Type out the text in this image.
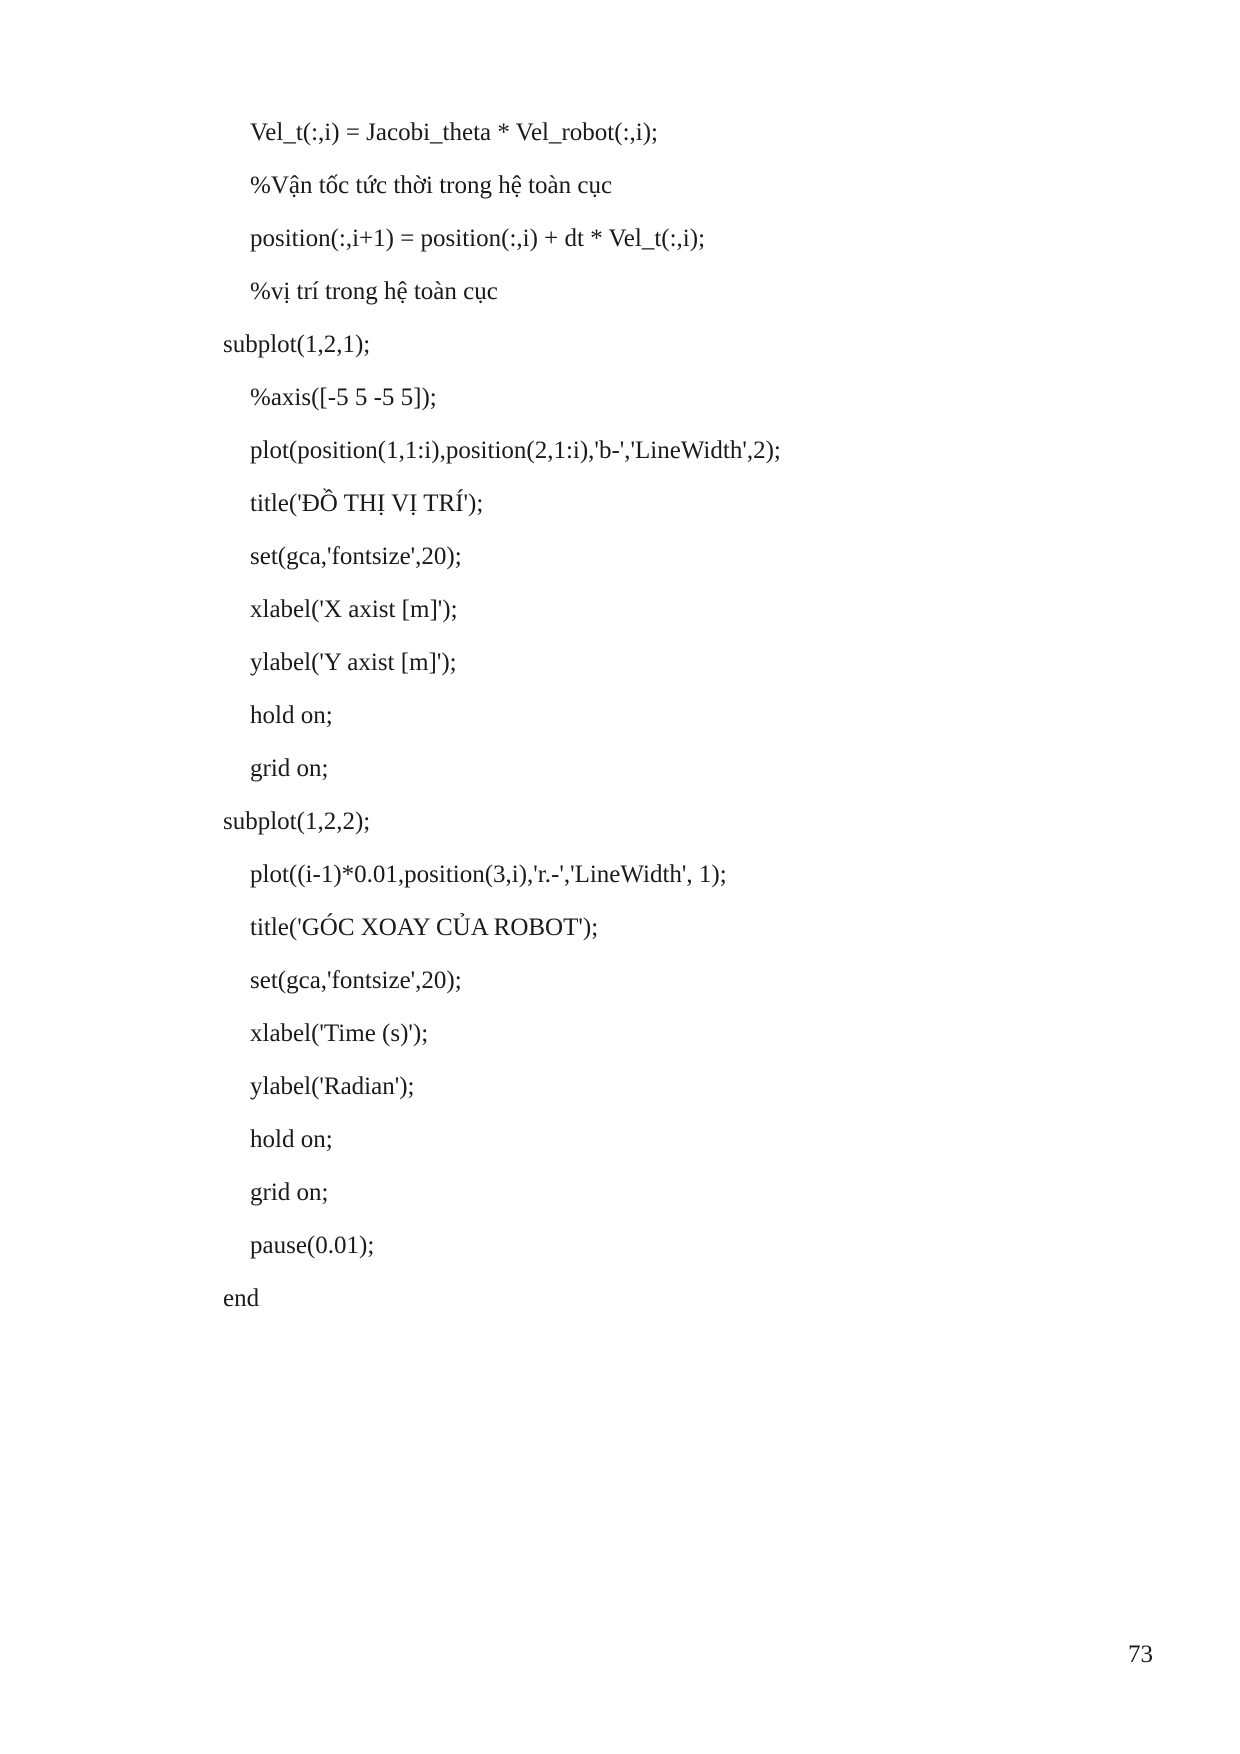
Vel_t(:,i) = Jacobi_theta * Vel_robot(:,i);
%Vận tốc tức thời trong hệ toàn cục
position(:,i+1) = position(:,i) + dt * Vel_t(:,i);
%vị trí trong hệ toàn cục
subplot(1,2,1);
%axis([-5 5 -5 5]);
plot(position(1,1:i),position(2,1:i),'b-','LineWidth',2);
title('ĐỒ THỊ VỊ TRÍ');
set(gca,'fontsize',20);
xlabel('X axist [m]');
ylabel('Y axist [m]');
hold on;
grid on;
subplot(1,2,2);
plot((i-1)*0.01,position(3,i),'r.-','LineWidth', 1);
title('GÓC XOAY CỦA ROBOT');
set(gca,'fontsize',20);
xlabel('Time (s)');
ylabel('Radian');
hold on;
grid on;
pause(0.01);
end
73
